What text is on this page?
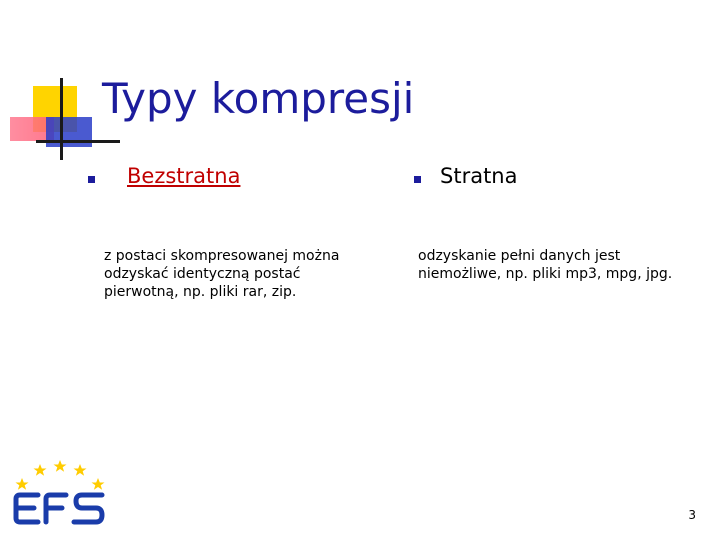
Typy kompresji
Bezstratna
z postaci skompresowanej można odzyskać identyczną postać pierwotną, np. pliki rar, zip.
Stratna
odzyskanie pełni danych jest niemożliwe, np. pliki mp3, mpg, jpg.
3
